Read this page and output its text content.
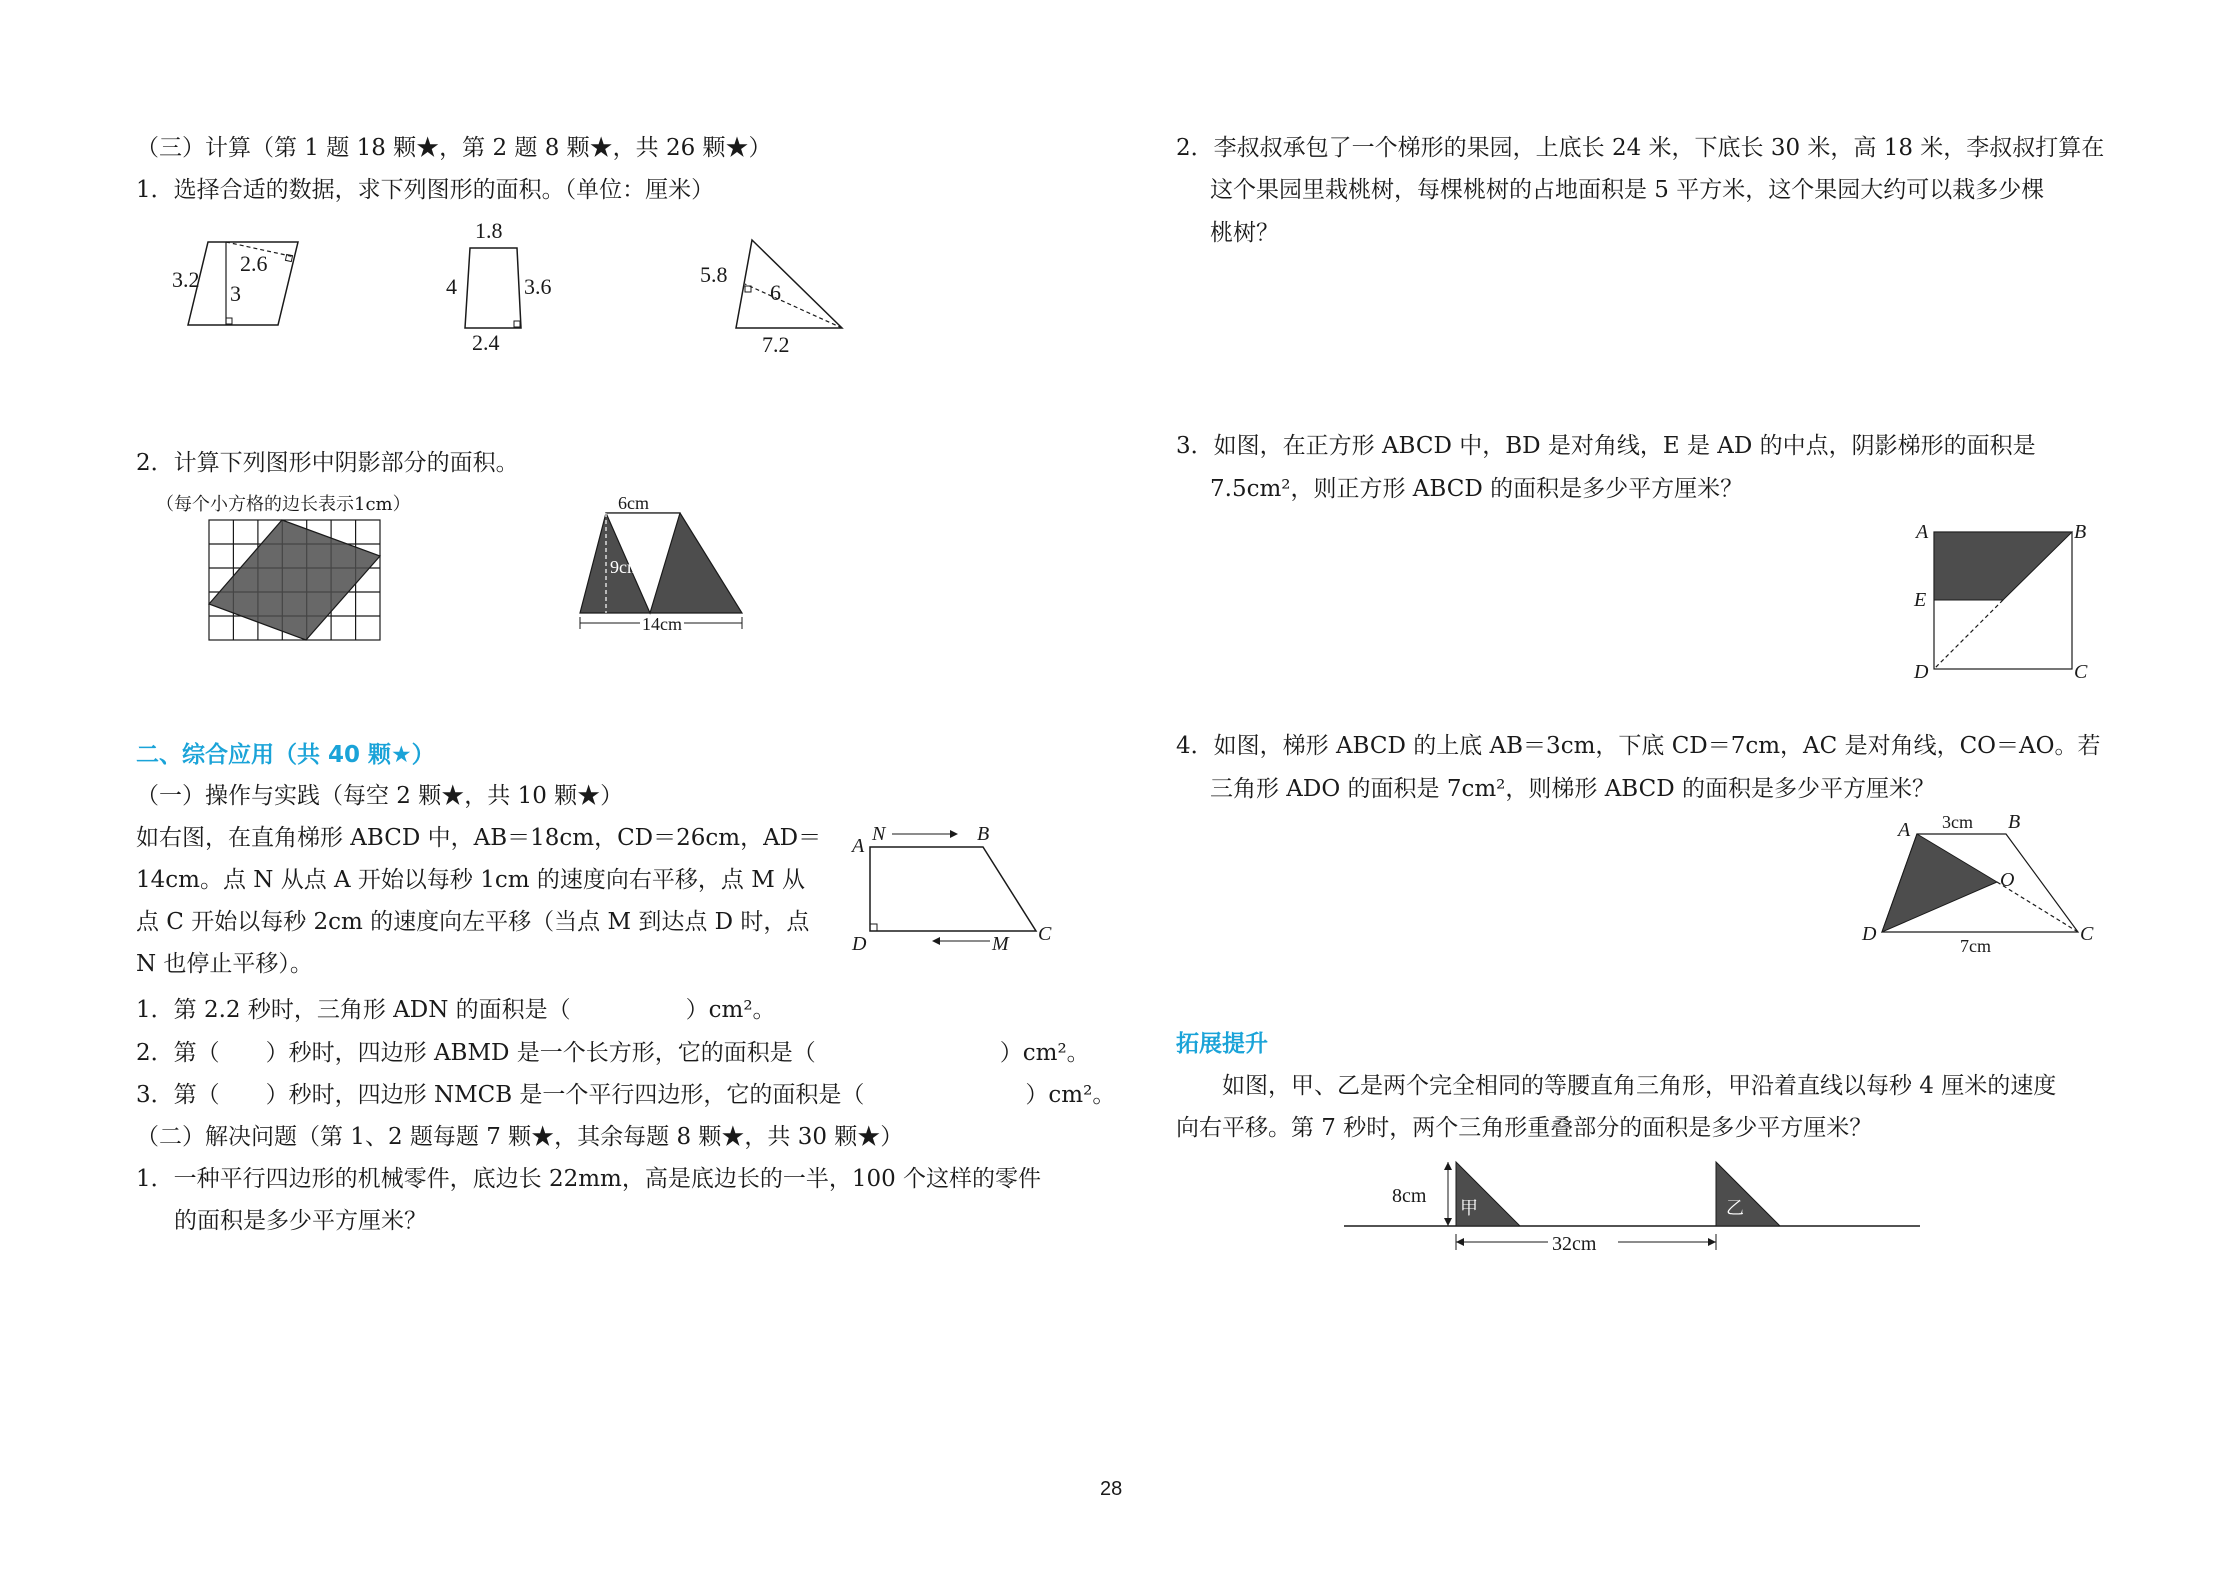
（三）计算（第 1 题 18 颗★，第 2 题 8 颗★，共 26 颗★）
1．选择合适的数据，求下列图形的面积。（单位：厘米）
3.2
2.6
3
1.8
4	3.6
2.4
5.8
6
7.2
2．计算下列图形中阴影部分的面积。
（每个小方格的边长表示1cm）	6cm
9cm
14cm
二、综合应用（共 40 颗★）
（一）操作与实践（每空 2 颗★，共 10 颗★）
如右图，在直角梯形 ABCD 中，AB＝18cm，CD＝26cm，AD＝
14cm。点 N 从点 A 开始以每秒 1cm 的速度向右平移，点 M 从
点 C 开始以每秒 2cm 的速度向左平移（当点 M 到达点 D 时，点
N 也停止平移）。
A
N	B
D	M C
1．第 2.2 秒时，三角形 ADN 的面积是（　　　　　）cm²。
2．第（　　）秒时，四边形 ABMD 是一个长方形，它的面积是（　　　　　　　　）cm²。
3．第（　　）秒时，四边形 NMCB 是一个平行四边形，它的面积是（　　　　　　　）cm²。
（二）解决问题（第 1、2 题每题 7 颗★，其余每题 8 颗★，共 30 颗★）
1．一种平行四边形的机械零件，底边长 22mm，高是底边长的一半，100 个这样的零件
的面积是多少平方厘米？
2．李叔叔承包了一个梯形的果园，上底长 24 米，下底长 30 米，高 18 米，李叔叔打算在
这个果园里栽桃树，每棵桃树的占地面积是 5 平方米，这个果园大约可以栽多少棵
桃树？
3．如图，在正方形 ABCD 中，BD 是对角线，E 是 AD 的中点，阴影梯形的面积是
7.5cm²，则正方形 ABCD 的面积是多少平方厘米？
A	B
E
D	C
4．如图，梯形 ABCD 的上底 AB＝3cm，下底 CD＝7cm，AC 是对角线，CO＝AO。若
三角形 ADO 的面积是 7cm²，则梯形 ABCD 的面积是多少平方厘米？
A 3cm B
O
D
7cm
C
拓展提升
如图，甲、乙是两个完全相同的等腰直角三角形，甲沿着直线以每秒 4 厘米的速度
向右平移。第 7 秒时，两个三角形重叠部分的面积是多少平方厘米？
8cm
甲	乙
32cm
28
